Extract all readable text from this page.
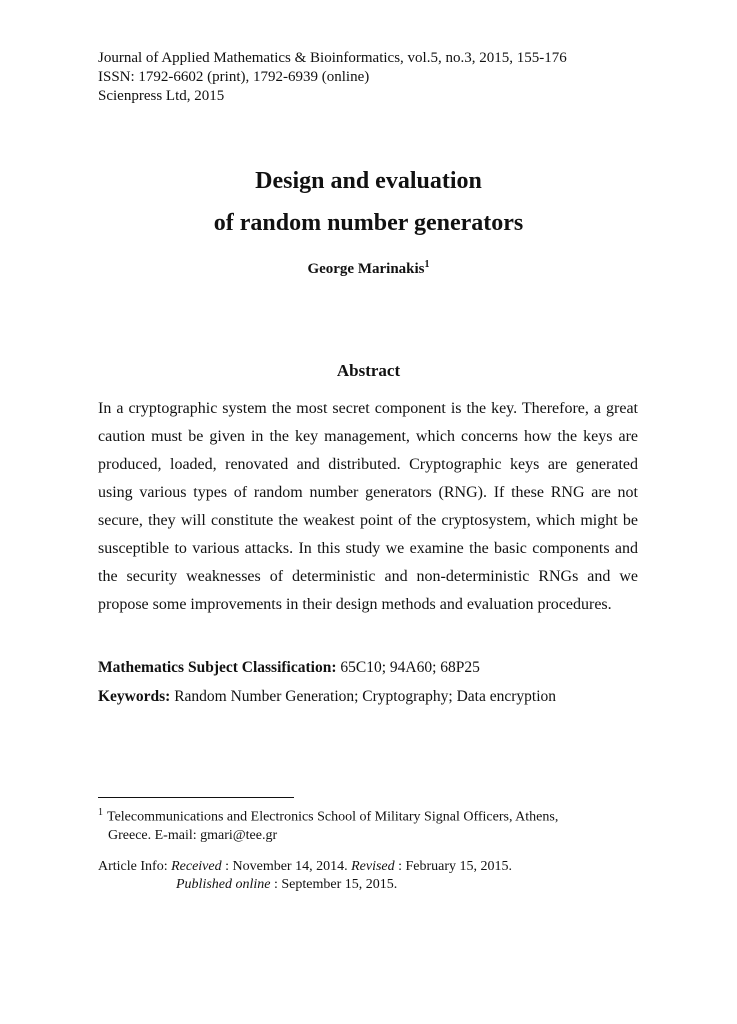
Journal of Applied Mathematics & Bioinformatics, vol.5, no.3, 2015, 155-176
ISSN: 1792-6602 (print), 1792-6939 (online)
Scienpress Ltd, 2015
Design and evaluation
of random number generators
George Marinakis$^1$
Abstract
In a cryptographic system the most secret component is the key. Therefore, a great
caution must be given in the key management, which concerns how the keys are
produced, loaded, renovated and distributed. Cryptographic keys are generated
using various types of random number generators (RNG). If these RNG are not
secure, they will constitute the weakest point of the cryptosystem, which might be
susceptible to various attacks. In this study we examine the basic components and
the security weaknesses of deterministic and non-deterministic RNGs and we
propose some improvements in their design methods and evaluation procedures.
Mathematics Subject Classification: 65C10; 94A60; 68P25
Keywords: Random Number Generation; Cryptography; Data encryption
$^1$ Telecommunications and Electronics School of Military Signal Officers, Athens,
Greece. E-mail: gmari@tee.gr
Article Info: Received : November 14, 2014. Revised : February 15, 2015.
Published online : September 15, 2015.
